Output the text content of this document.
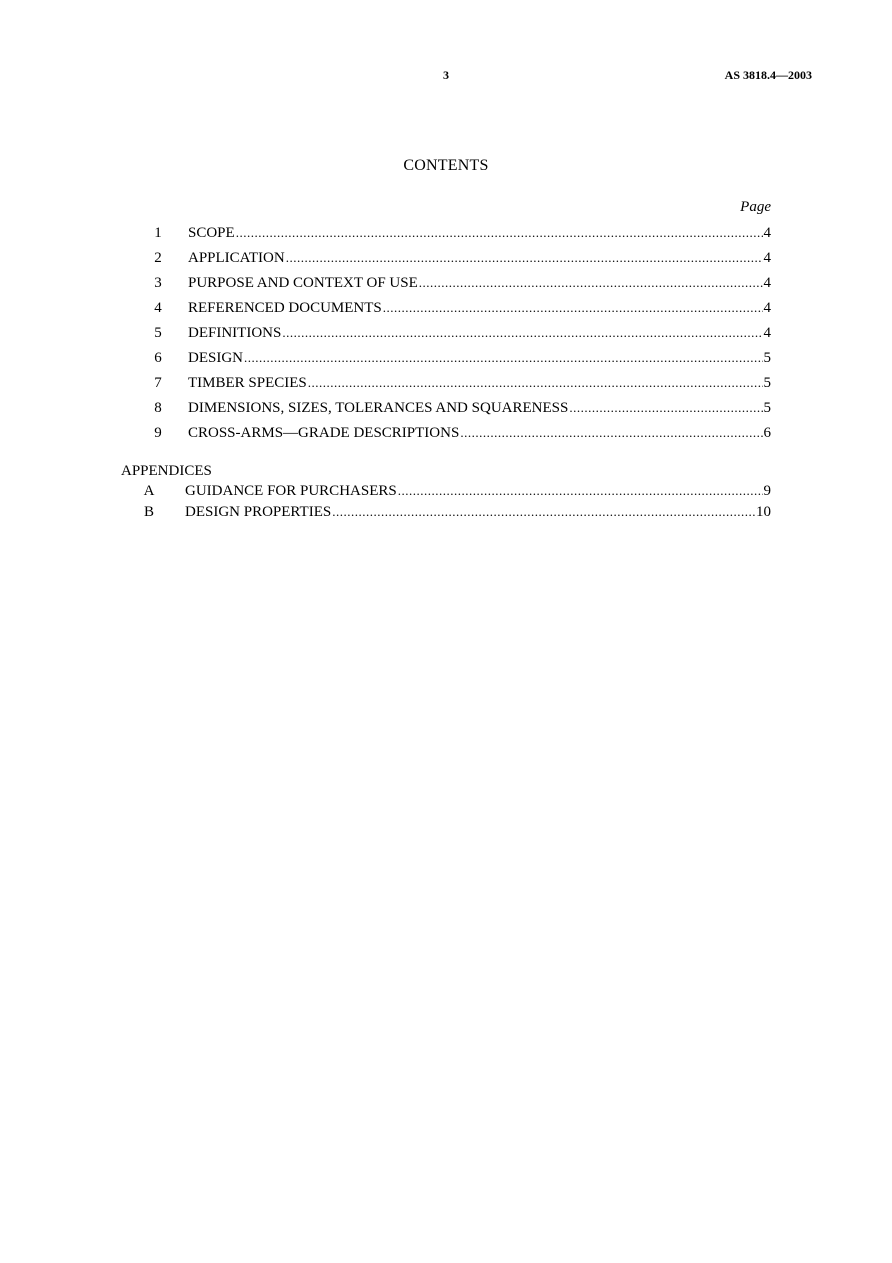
3	AS 3818.4—2003
CONTENTS
Page
1 SCOPE .....	4
2 APPLICATION .....	4
3 PURPOSE AND CONTEXT OF USE .....	4
4 REFERENCED DOCUMENTS .....	4
5 DEFINITIONS .....	4
6 DESIGN .....	5
7 TIMBER SPECIES .....	5
8 DIMENSIONS, SIZES, TOLERANCES AND SQUARENESS .....	5
9 CROSS-ARMS—GRADE DESCRIPTIONS .....	6
APPENDICES
A GUIDANCE FOR PURCHASERS .....	9
B DESIGN PROPERTIES .....	10
